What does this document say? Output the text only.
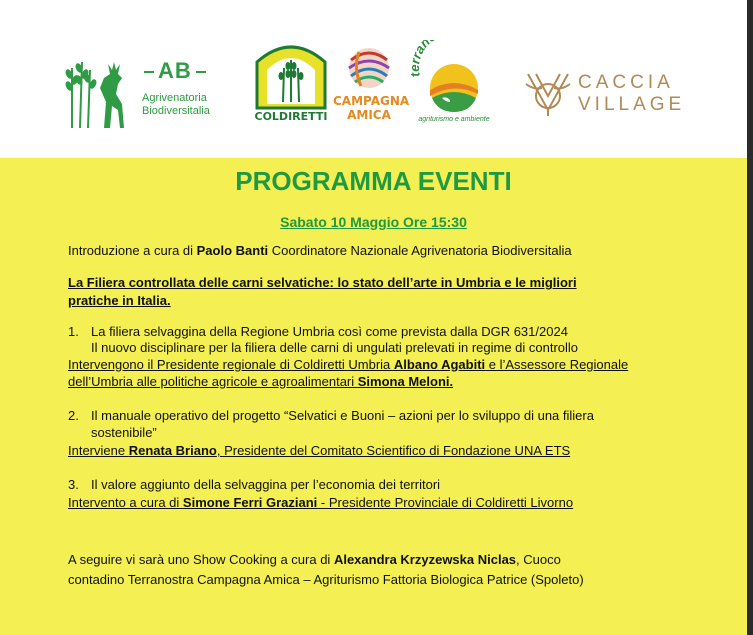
AB
Agrivenatoria
Biodiversitalia	COLDIRETTI
CAMPAGNA
AMICA
ran
agriturismo e ambiente
CACCIA
VILLAGE
PROGRAMMA EVENTI
Sabato 10 Maggio Ore 15:30
Introduzione a cura di Paolo Banti Coordinatore Nazionale Agrivenatoria Biodiversitalia
La Filiera controllata delle carni selvatiche: lo stato dell’arte in Umbria e le migliori
pratiche in Italia.
1. La filiera selvaggina della Regione Umbria così come prevista dalla DGR 631/2024
Il nuovo disciplinare per la filiera delle carni di ungulati prelevati in regime di controllo
Intervengono il Presidente regionale di Coldiretti Umbria Albano Agabiti e l’Assessore Regionale
dell’Umbria alle politiche agricole e agroalimentari Simona Meloni.
2. Il manuale operativo del progetto “Selvatici e Buoni – azioni per lo sviluppo di una filiera
sostenibile”
Interviene Renata Briano, Presidente del Comitato Scientifico di Fondazione UNA ETS
3. Il valore aggiunto della selvaggina per l’economia dei territori
Intervento a cura di Simone Ferri Graziani - Presidente Provinciale di Coldiretti Livorno
A seguire vi sarà uno Show Cooking a cura di Alexandra Krzyzewska Niclas, Cuoco
contadino Terranostra Campagna Amica – Agriturismo Fattoria Biologica Patrice (Spoleto)
